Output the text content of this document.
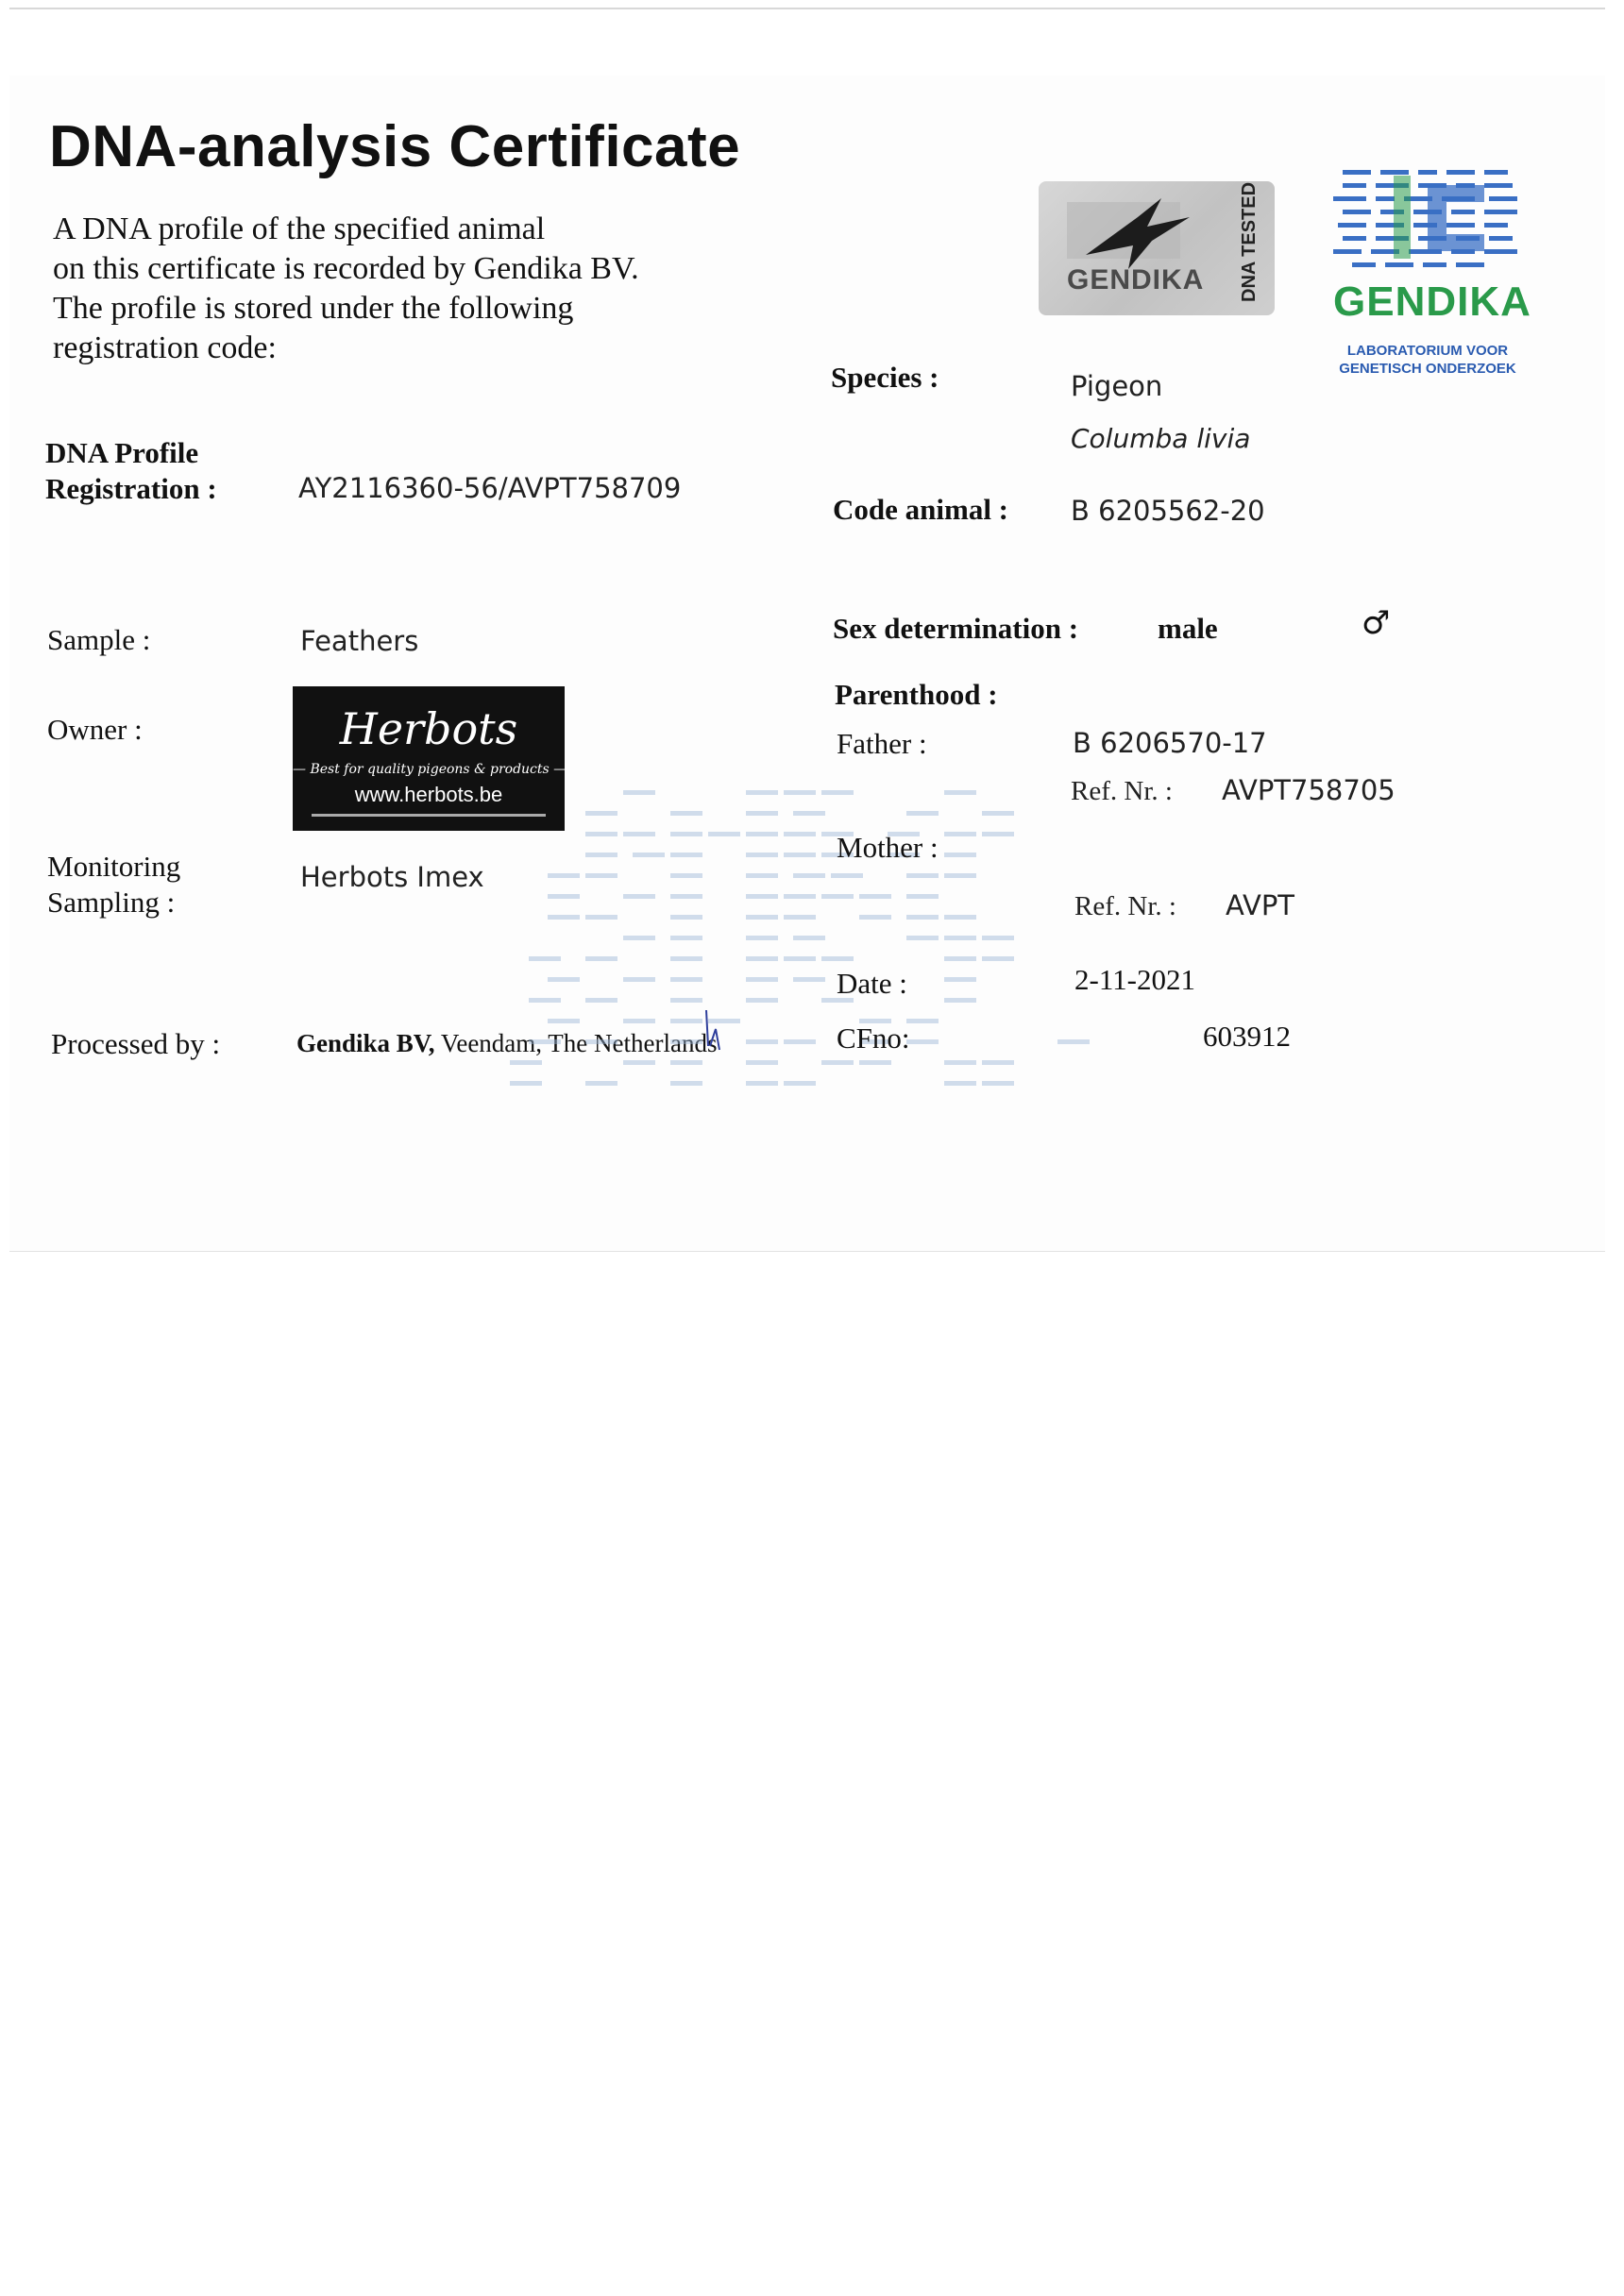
DNA-analysis Certificate
A DNA profile of the specified animal
on this certificate is recorded by Gendika BV.
The profile is stored under the following
registration code:
GENDIKA DNA TESTED GENDIKA
LABORATORIUM VOOR GENETISCH ONDERZOEK
DNA Profile
Registration :	AY2116360-56/AVPT758709
Sample :	Feathers
Owner :	Herbots
— Best for quality pigeons & products —
www.herbots.be
Monitoring
Sampling :
Herbots Imex
Processed by :	Gendika BV, Veendam, The Netherlands
Species :	Pigeon
Columba livia
Code animal : B 6205562-20
Sex determination :	male	♂
Parenthood :
Father :	B 6206570-17
Ref. Nr. : AVPT758705
Mother :
Ref. Nr. : AVPT
Date :	2-11-2021
CFno:	603912
